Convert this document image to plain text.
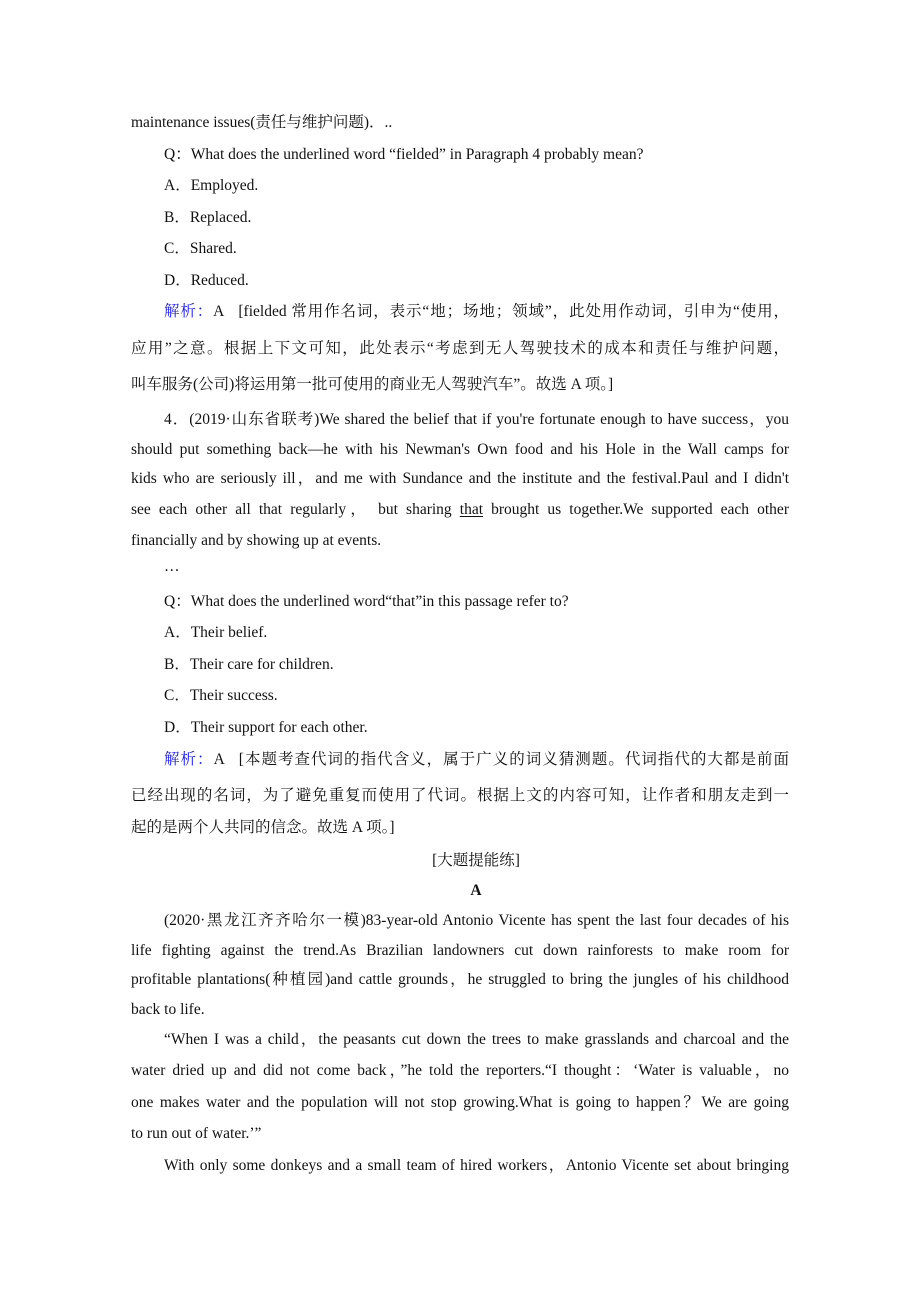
maintenance issues(责任与维护问题)．..
Q：What does the underlined word “fielded” in Paragraph 4 probably mean?
A．Employed.
B．Replaced.
C．Shared.
D．Reduced.
解析：A [fielded 常用作名词，表示“地；场地；领域”，此处用作动词，引申为“使用，
应用”之意。根据上下文可知，此处表示“考虑到无人驾驶技术的成本和责任与维护问题，
叫车服务(公司)将运用第一批可使用的商业无人驾驶汽车”。故选 A 项。]
4．(2019·山东省联考)We shared the belief that if you're fortunate enough to have success，you
should put something back—he with his Newman's Own food and his Hole in the Wall camps for
kids who are seriously ill，and me with Sundance and the institute and the festival.Paul and I didn't
see each other all that regularly， but sharing that brought us together.We supported each other
financially and by showing up at events.
…
Q：What does the underlined word“that”in this passage refer to?
A．Their belief.
B．Their care for children.
C．Their success.
D．Their support for each other.
解析：A [本题考查代词的指代含义，属于广义的词义猜测题。代词指代的大都是前面
已经出现的名词，为了避免重复而使用了代词。根据上文的内容可知，让作者和朋友走到一
起的是两个人共同的信念。故选 A 项。]
[大题提能练]
A
(2020·黑龙江齐齐哈尔一模)83-year-old Antonio Vicente has spent the last four decades of his
life fighting against the trend.As Brazilian landowners cut down rainforests to make room for
profitable plantations(种植园)and cattle grounds，he struggled to bring the jungles of his childhood
back to life.
“When I was a child，the peasants cut down the trees to make grasslands and charcoal and the
water dried up and did not come back，”he told the reporters.“I thought：‘Water is valuable，no
one makes water and the population will not stop growing.What is going to happen？We are going
to run out of water.’”
With only some donkeys and a small team of hired workers，Antonio Vicente set about bringing
